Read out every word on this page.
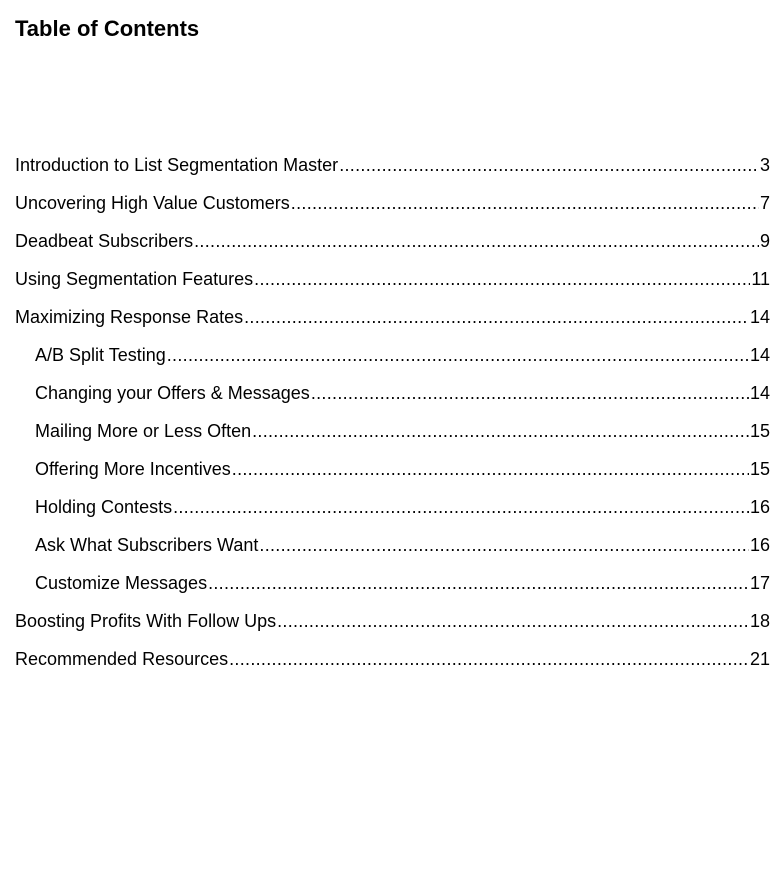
Table of Contents
Introduction to List Segmentation Master .....	3
Uncovering High Value Customers .....	7
Deadbeat Subscribers .....	9
Using Segmentation Features .....	11
Maximizing Response Rates .....	14
A/B Split Testing .....	14
Changing your Offers & Messages .....	14
Mailing More or Less Often .....	15
Offering More Incentives .....	15
Holding Contests .....	16
Ask What Subscribers Want .....	16
Customize Messages .....	17
Boosting Profits With Follow Ups .....	18
Recommended Resources .....	21
